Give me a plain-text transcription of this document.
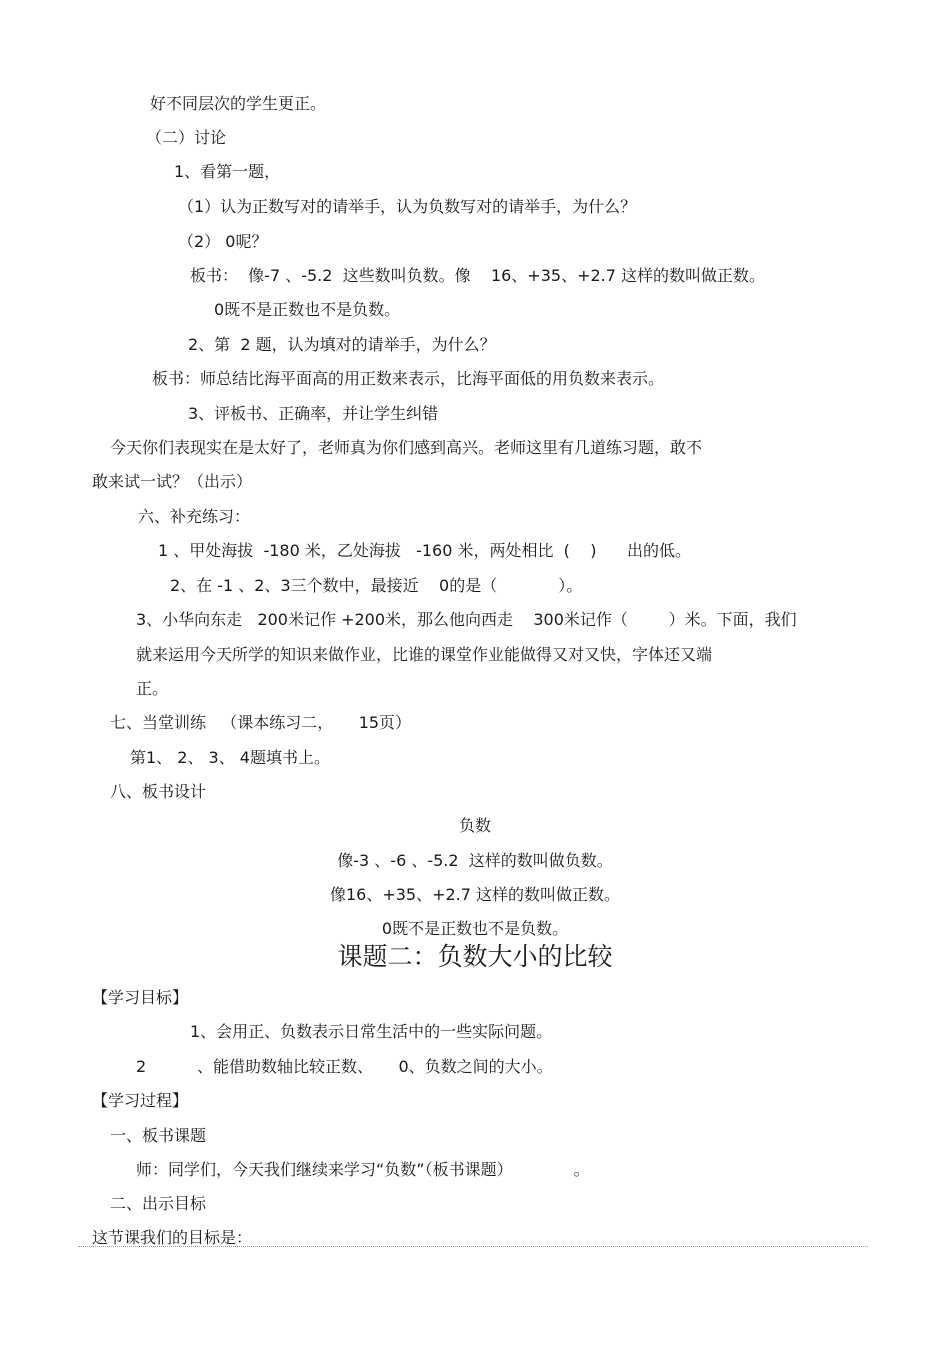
好不同层次的学生更正。
（二）讨论
1、看第一题，
（1）认为正数写对的请举手，认为负数写对的请举手，为什么？
（2） 0呢？
板书：  像-7 、-5.2  这些数叫负数。像    16、+35、+2.7 这样的数叫做正数。
0既不是正数也不是负数。
2、第  2 题，认为填对的请举手，为什么？
板书：师总结比海平面高的用正数来表示，比海平面低的用负数来表示。
3、评板书、正确率，并让学生纠错
今天你们表现实在是太好了，老师真为你们感到高兴。老师这里有几道练习题，敢不
敢来试一试？（出示）
六、补充练习：
1 、甲处海拔  -180 米，乙处海拔   -160 米，两处相比  (    )      出的低。
2、在 -1 、2、3三个数中，最接近    0的是（            ）。
3、小华向东走   200米记作 +200米，那么他向西走    300米记作（        ）米。下面，我们
就来运用今天所学的知识来做作业，比谁的课堂作业能做得又对又快，字体还又端
正。
七、当堂训练   （课本练习二，     15页）
第1、 2、 3、 4题填书上。
八、板书设计
负数
像-3 、-6 、-5.2  这样的数叫做负数。
像16、+35、+2.7 这样的数叫做正数。
0既不是正数也不是负数。
课题二：负数大小的比较
【学习目标】
1、会用正、负数表示日常生活中的一些实际问题。
2          、能借助数轴比较正数、     0、负数之间的大小。
【学习过程】
一、板书课题
师：同学们，今天我们继续来学习“负数”（板书课题）            。
二、出示目标
这节课我们的目标是：
